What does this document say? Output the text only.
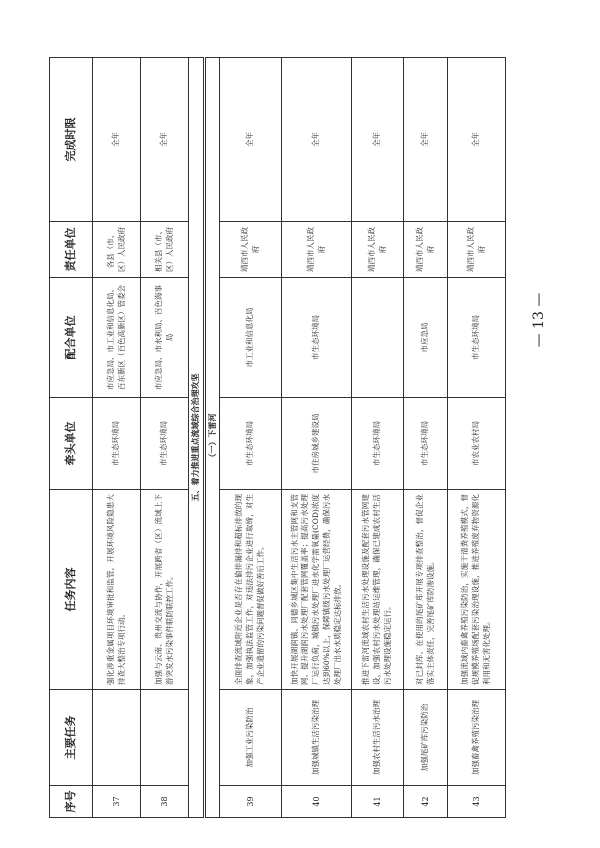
序号	主要任务	任务内容	牵头单位	配合单位	责任单位	完成时限
37		强化涉重金属项目环境审批和监管，开展环境风险隐患大排查大整治专项行动。	市生态环境局	市应急局、市工业和信息化局、百东新区（百色高新区）管委会	各县（市、区）人民政府	全年
38		加强与云南、贵州交流与协作，开展跨省（区）流域上下游突发水污染事件联防联控工作。	市生态环境局	市应急局、市水利局、百色海事局	相关县（市、区）人民政府	全年
五、着力推进重点流域综合治理攻坚						
（一）下雷河						
39	加强工业污染防治	全面排查流域附近企业是否存在偷排漏排和超标排放的现象，加强执法监管工作，对违法排污企业进行取缔，对生产企业遗留的污染问题督促做好善后工作。	市生态环境局	市工业和信息化局	靖西市人民政府	全年
40	加强城镇生活污染治理	加快开展湖润镇、同德乡城区集中生活污水主管网和支管网、提升湖润污水处理厂配套管网覆盖率；提高污水处理厂运行负荷，城镇污水处理厂进水化学需氧量(COD)浓度达到60%以上，保障镇级污水处理厂运营经费，确保污水处理厂出水水质稳定达标排放。	市住房城乡建设局	市生态环境局	靖西市人民政府	全年
41	加强农村生活污水治理	推进下雷河流域农村生活污水处理设施及配套污水管网建设，加强农村污水处理站运维管理，确保已建成农村生活污水处理设施稳定运行。	市生态环境局		靖西市人民政府	全年
42	加强尾矿库污染防治	对已封库、在使用的尾矿库开展专项排查整治，督促企业落实主体责任，完善尾矿库防渗设施。	市生态环境局	市应急局	靖西市人民政府	全年
43	加强畜禽养殖污染治理	加强流域内畜禽养殖污染防治，实施干清粪养殖模式，督促规模养殖场配套污染治理设施，推进养殖废弃物资源化利用和无害化处理。	市农业农村局	市生态环境局	靖西市人民政府	全年
— 13 —
